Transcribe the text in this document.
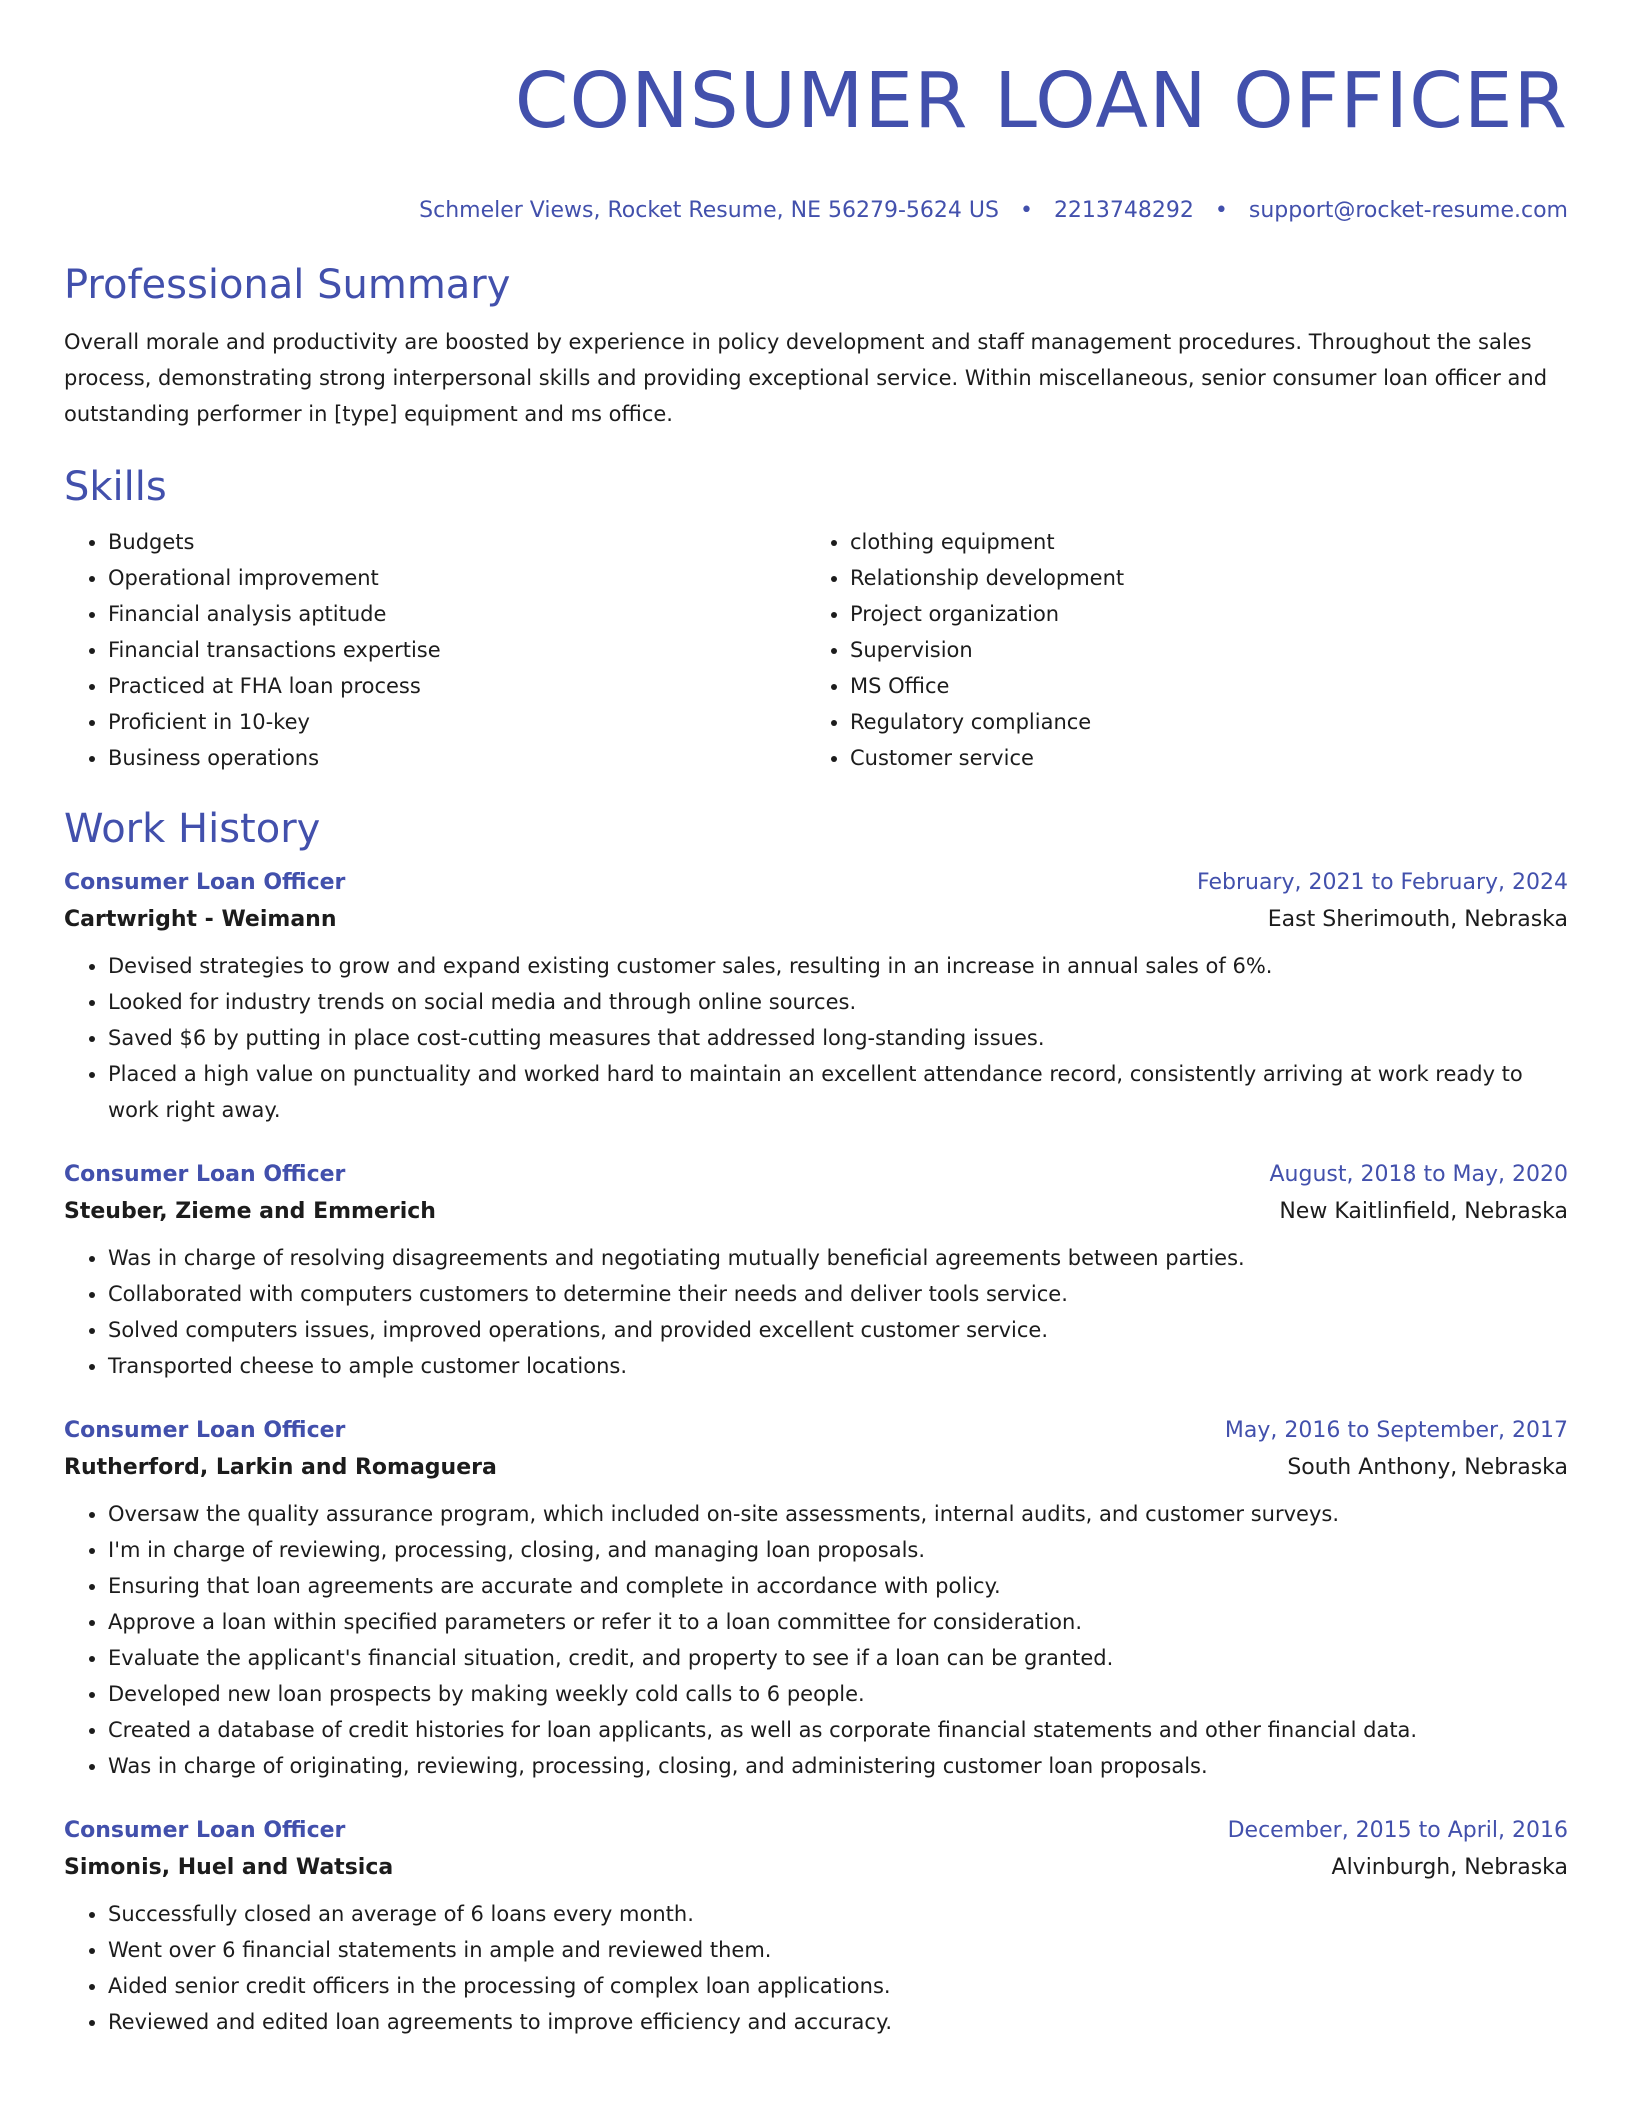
CONSUMER LOAN OFFICER
Schmeler Views, Rocket Resume, NE 56279-5624 US • 2213748292 • support@rocket-resume.com
Professional Summary
Overall morale and productivity are boosted by experience in policy development and staff management procedures. Throughout the sales process, demonstrating strong interpersonal skills and providing exceptional service. Within miscellaneous, senior consumer loan officer and outstanding performer in [type] equipment and ms office.
Skills
• Budgets
• Operational improvement
• Financial analysis aptitude
• Financial transactions expertise
• Practiced at FHA loan process
• Proficient in 10-key
• Business operations
• clothing equipment
• Relationship development
• Project organization
• Supervision
• MS Office
• Regulatory compliance
• Customer service
Work History
Consumer Loan Officer	February, 2021 to February, 2024
Cartwright - Weimann	East Sherimouth, Nebraska
• Devised strategies to grow and expand existing customer sales, resulting in an increase in annual sales of 6%.
• Looked for industry trends on social media and through online sources.
• Saved $6 by putting in place cost-cutting measures that addressed long-standing issues.
• Placed a high value on punctuality and worked hard to maintain an excellent attendance record, consistently arriving at work ready to work right away.
Consumer Loan Officer	August, 2018 to May, 2020
Steuber, Zieme and Emmerich	New Kaitlinfield, Nebraska
• Was in charge of resolving disagreements and negotiating mutually beneficial agreements between parties.
• Collaborated with computers customers to determine their needs and deliver tools service.
• Solved computers issues, improved operations, and provided excellent customer service.
• Transported cheese to ample customer locations.
Consumer Loan Officer	May, 2016 to September, 2017
Rutherford, Larkin and Romaguera	South Anthony, Nebraska
• Oversaw the quality assurance program, which included on-site assessments, internal audits, and customer surveys.
• I'm in charge of reviewing, processing, closing, and managing loan proposals.
• Ensuring that loan agreements are accurate and complete in accordance with policy.
• Approve a loan within specified parameters or refer it to a loan committee for consideration.
• Evaluate the applicant's financial situation, credit, and property to see if a loan can be granted.
• Developed new loan prospects by making weekly cold calls to 6 people.
• Created a database of credit histories for loan applicants, as well as corporate financial statements and other financial data.
• Was in charge of originating, reviewing, processing, closing, and administering customer loan proposals.
Consumer Loan Officer	December, 2015 to April, 2016
Simonis, Huel and Watsica	Alvinburgh, Nebraska
• Successfully closed an average of 6 loans every month.
• Went over 6 financial statements in ample and reviewed them.
• Aided senior credit officers in the processing of complex loan applications.
• Reviewed and edited loan agreements to improve efficiency and accuracy.
